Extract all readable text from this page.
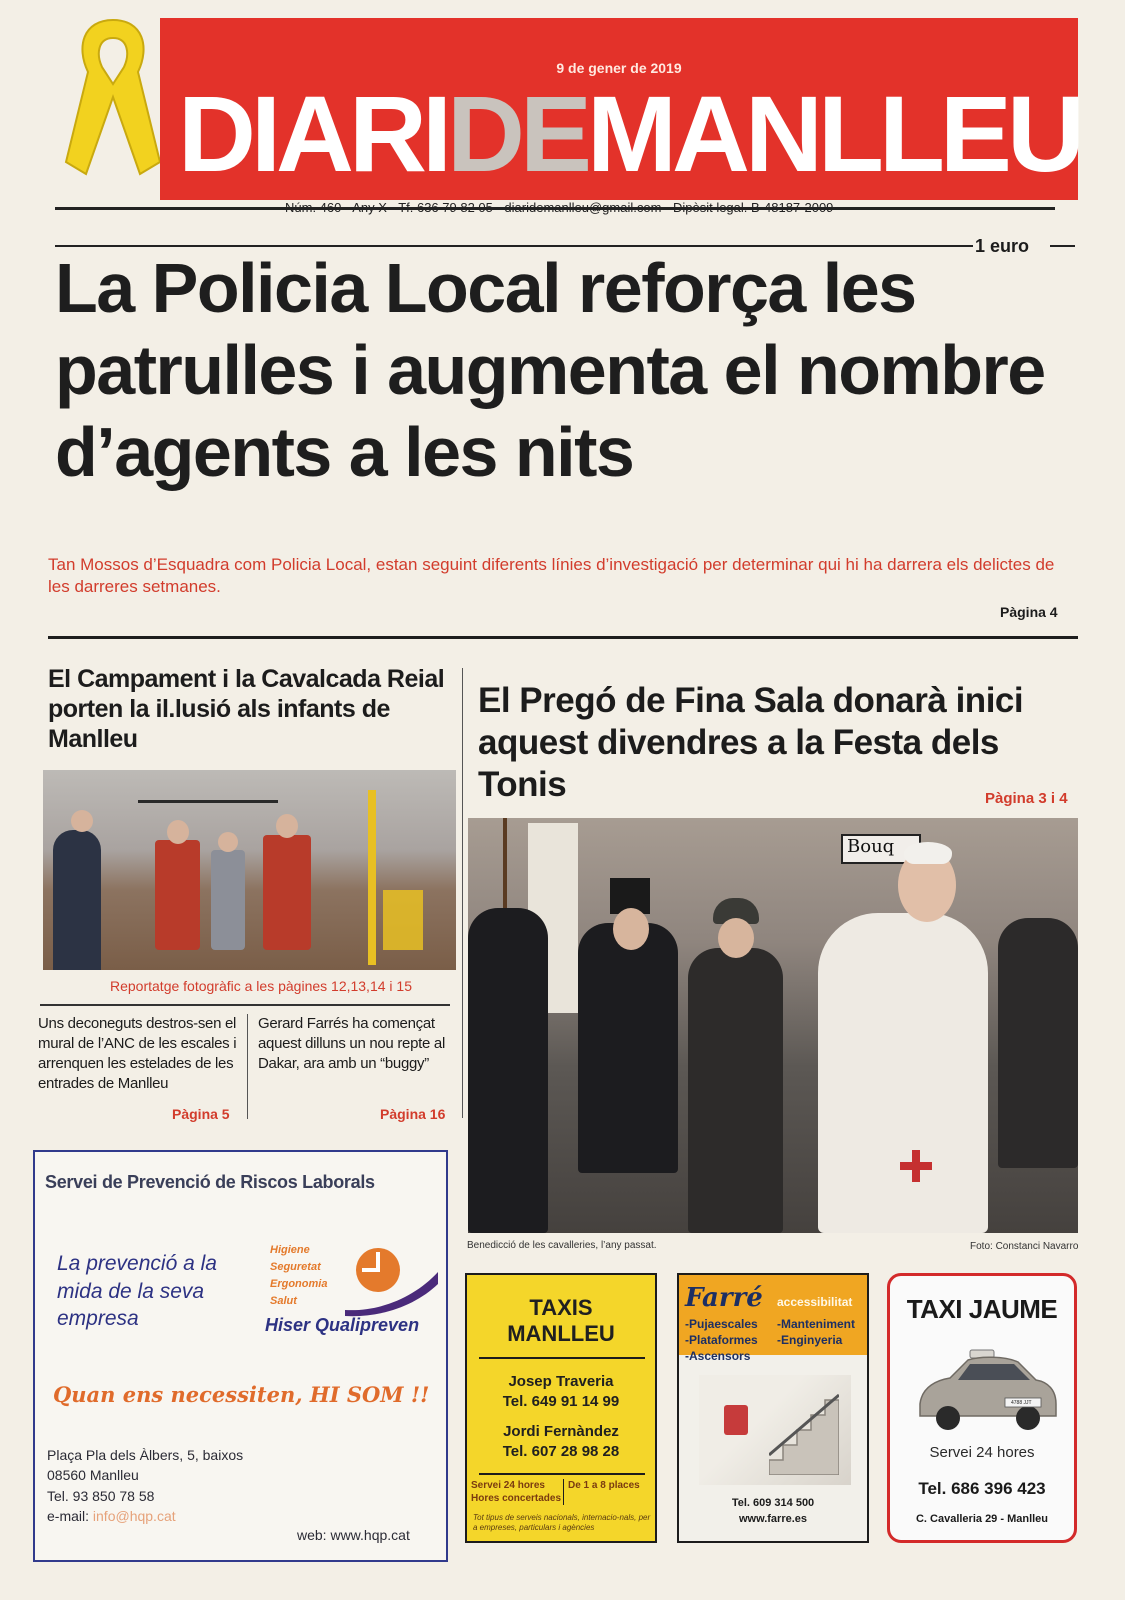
9 de gener de 2019
DIARIDEMANLLEU
Núm. 460 - Any X - Tf. 636 79 82 05 - diaridemanlleu@gmail.com - Dipòsit legal. B-48187-2009
1 euro
La Policia Local reforça les patrulles i augmenta el nombre d’agents a les nits
Tan Mossos d’Esquadra com Policia Local, estan seguint diferents línies d’investigació per determinar qui hi ha darrera els delictes de les darreres setmanes.
Pàgina 4
El Campament i la Cavalcada Reial porten la il.lusió als infants de Manlleu
Reportatge fotogràfic a les pàgines 12,13,14 i 15
Uns deconeguts destros-sen el mural de l’ANC de les escales i arrenquen les estelades de les entrades de Manlleu
Gerard Farrés ha començat aquest dilluns un nou repte al Dakar, ara amb un “buggy”
Pàgina 5	Pàgina 16
El Pregó de Fina Sala donarà inici aquest divendres a la Festa dels Tonis	Pàgina 3 i 4
Bouq
Benedicció de les cavalleries, l’any passat.	Foto: Constanci Navarro
Servei de Prevenció de Riscos Laborals
La prevenció a la mida de la seva empresa
Higiene
Seguretat
Ergonomia
Salut
Hiser Qualipreven
Quan ens necessiten, HI SOM !!
Plaça Pla dels Àlbers, 5, baixos
08560 Manlleu
Tel. 93 850 78 58
e-mail: info@hqp.cat
web: www.hqp.cat
TAXIS
MANLLEU
Josep Traveria
Tel. 649 91 14 99
Jordi Fernàndez
Tel. 607 28 98 28
Servei 24 hores
Hores concertades
De 1 a 8 places
Tot tipus de serveis nacionals, internacio-nals, per a empreses, particulars i agències
Farré accessibilitat
-Pujaescales -Manteniment
-Plataformes -Enginyeria
-Ascensors
Tel. 609 314 500
www.farre.es
TAXI JAUME
4788 JJT
Servei 24 hores
Tel. 686 396 423
C. Cavalleria 29 - Manlleu
